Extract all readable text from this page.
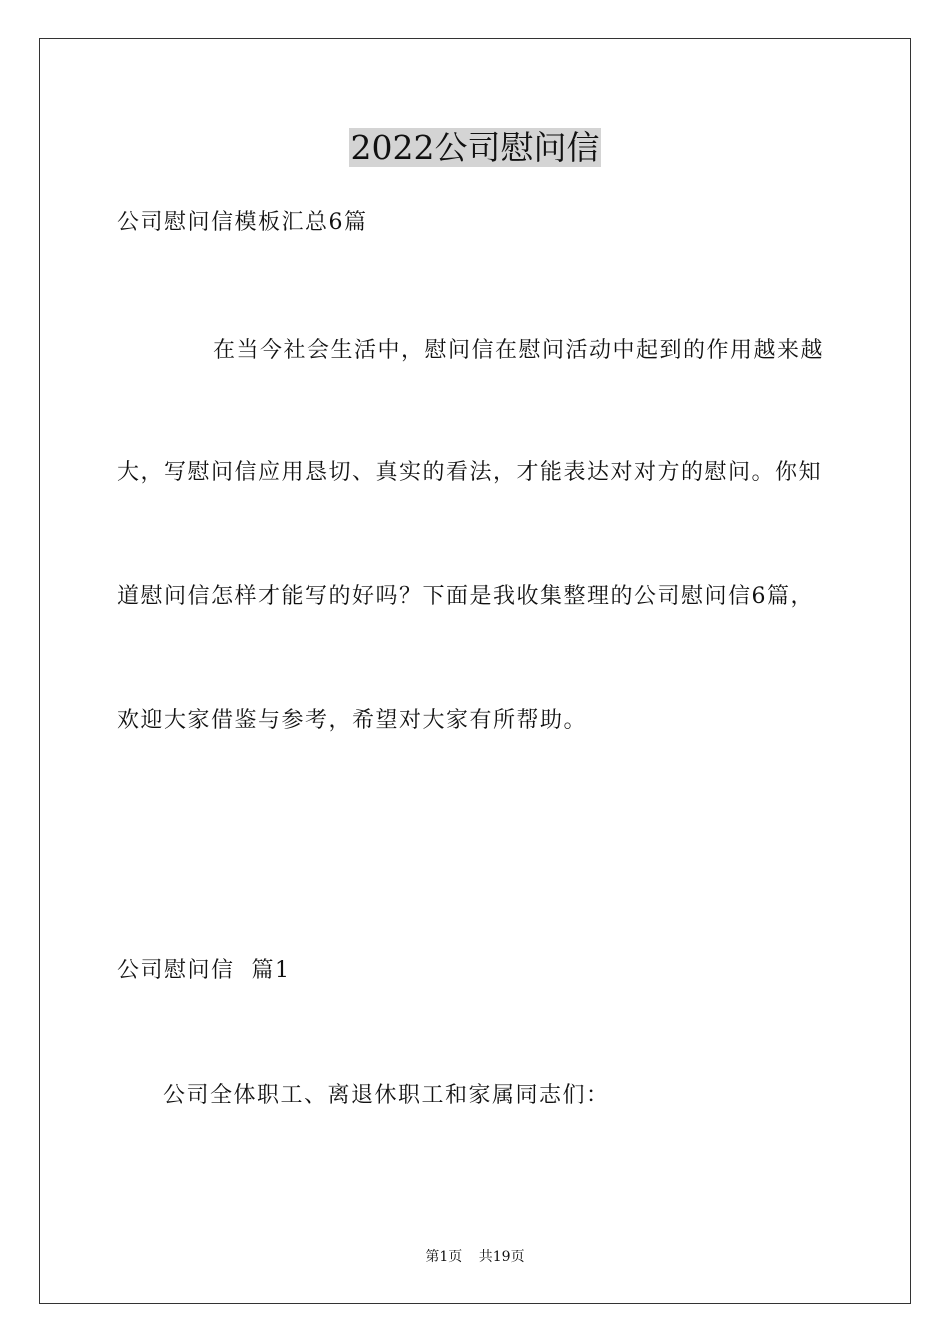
2022公司慰问信
公司慰问信模板汇总6篇
在当今社会生活中，慰问信在慰问活动中起到的作用越来越
大，写慰问信应用恳切、真实的看法，才能表达对对方的慰问。你知
道慰问信怎样才能写的好吗？下面是我收集整理的公司慰问信6篇，
欢迎大家借鉴与参考，希望对大家有所帮助。
公司慰问信  篇1
公司全体职工、离退休职工和家属同志们：
第1页 共19页
